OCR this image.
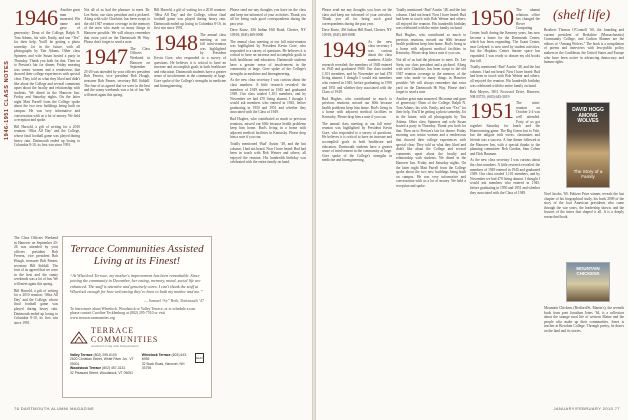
1946-1951 CLASS NOTES

1946 Another great man mourned. His name and gave of generosity: Dean of the College, Ralph N. Tom Adams, his wife, Emily, and son “Tex” for their help. You'll be getting a photo someday. Jot in the future, with all photographs by Tim Adams. Other class Spinners and wife Susan hosted a party in Thursday. Thank you both for that. Then on to Preston's lair for dinner. Friday morning was senior women and a rendezvous that showed their college experiences with special clear. They told us what they liked and didn't like about the College and several comments upset about the faculty and relationship with students. We dined in the Hanover Inn. Friday and Saturday nights. On the latter night Matt Parrell from the College spoke about the two new buildings being built on campus. He was very informative and conversation with us a lot of money. We held a reception and spoke.

Bill Harrold, a gift of writing for a 2010 reunion: ‘Miss All Day’ and the College, whose final football game was played during heavy rain. Dartmouth ended up losing to Columbia 8-10, its first win since 1991.

Not all of us had the pleasure to meet. Dr. Lee Stein, our class president and a pickerel. Along with wife Charlotte, has been swept to the old 1947 reunion coverage in the memory of the men who made so many things in Hanover possible. We will always remember that extra yard on the Dartmouth Hi Way. Please don't forget to send a note.

1947 The Class Officers Weekend in Hanover on September 25-26 was attended by your officers president Bob Ferrera, vice president Bob Hough, treasurer Bob Panzer, secretary Bill Siddall. The four of us agreed that we were in the best and the sunny weekends was a lot of fun. We will meet again this spring.

Bill Harrold, a gift of writing for a 2010 reunion: ‘Miss All Day’ and the College, whose final football game was played during heavy rain. Dartmouth ended up losing to Columbia 8-10, its first win since 1991.

1948 The annual class meeting at our fall mini-reunion was highlighted by President Kevin Gore, who responded to a survey of questions. He believes it is critical to have an increase and accomplish goals in both healthcare and education. Dartmouth students have a greater sense of involvement in the community at large. Gore spoke of the College's strengths in medicine and bioengineering.

Please send me any thoughts you have on the class and keep me informed of your activities. Thank you all for being such good correspondents during the past year.

Dave Kurtz, 456 Indian Hill Road, Chester, NY 10918; (845) 469-0000

The annual class meeting at our fall mini-reunion was highlighted by President Kevin Gore, who responded to a survey of questions. He believes it is critical to have an increase and accomplish goals in both healthcare and education. Dartmouth students have a greater sense of involvement in the community at large. Gore spoke of the College's strengths in medicine and bioengineering.

As the new class secretary I was curious about the class numbers. A little research revealed: the members of 1949 entered in 1945 and graduated 1949. Our class totaled 1,101 members, and by November we had 470 living alumni. I thought I would ask members who entered in 1945, before graduating in 1950 and 1951 and whether they associated with the Class of 1949.

Bud Hughes, who contributed so much to previous reunions, missed our 60th because health problems keep him home. Bud's living in a home with adjacent medical facilities in Kentucky. Please drop him a note if you can.

Totally mentioned ‘Bud’ Austin ’48, and the last column. I had not heard. Now I have heard: Bud had been in touch with Bob Weiner and others; all enjoyed the reunion. His hundredth birthday was celebrated with the entire family on hand.

The Class Officers Weekend in Hanover on September 25-26 was attended by your officers president Bob Ferrera, vice president Bob Hough, treasurer Bob Panzer, secretary Bill Siddall. The four of us agreed that we were in the best and the sunny weekends was a lot of fun. We will meet again this spring.

Bill Harrold, a gift of writing for a 2010 reunion: ‘Miss All Day’ and the College, whose final football game was played during heavy rain. Dartmouth ended up losing to Columbia 8-10, its first win since 1991.

Terrace Communities Assisted Living at its Finest!
“At Wheelock Terrace, my mother's improvement has been remarkable. Since joining the community in December, her eating, memory, mood, social life are enhanced. The staff is attentive and genuinely cares. I can't thank the staff at Wheelock enough for how welcoming they've been to both my mother and me.”
— Samuel “Sy” Berk, Dartmouth ’47
To learn more about Wheelock, Woodstock or Valley Terrace, or to schedule a tour please contact Caroline Tecklenburg at (802) 295-7510 or visit www.terracecommunities.org
TERRACE COMMUNITIES
Assisted Living with Independence
Valley Terrace (802) 295-6100
2620 Christian Street, White River Jct., VT 05001
Woodstock Terrace (802) 457-3131
32 Pleasant Street, Woodstock, VT 05091
Wheelock Terrace (603) 643-6955
32 Buck Road, Hanover, NH 03755
EHO
76 DARTMOUTH ALUMNI MAGAZINE

Please send me any thoughts you have on the class and keep me informed of your activities. Thank you all for being such good correspondents during the past year.

Dave Kurtz, 456 Indian Hill Road, Chester, NY 10918; (845) 469-0000

1949 As the new class secretary I was curious about the class numbers. A little research revealed: the members of 1949 entered in 1945 and graduated 1949. Our class totaled 1,101 members, and by November we had 470 living alumni. I thought I would ask members who entered in 1945, before graduating in 1950 and 1951 and whether they associated with the Class of 1949.

Bud Hughes, who contributed so much to previous reunions, missed our 60th because health problems keep him home. Bud's living in a home with adjacent medical facilities in Kentucky. Please drop him a note if you can.

The annual class meeting at our fall mini-reunion was highlighted by President Kevin Gore, who responded to a survey of questions. He believes it is critical to have an increase and accomplish goals in both healthcare and education. Dartmouth students have a greater sense of involvement in the community at large. Gore spoke of the College's strengths in medicine and bioengineering.

Totally mentioned ‘Bud’ Austin ’48, and the last column. I had not heard. Now I have heard: Bud had been in touch with Bob Weiner and others; all enjoyed the reunion. His hundredth birthday was celebrated with the entire family on hand.

Bud Hughes, who contributed so much to previous reunions, missed our 60th because health problems keep him home. Bud's living in a home with adjacent medical facilities in Kentucky. Please drop him a note if you can.

Not all of us had the pleasure to meet. Dr. Lee Stein, our class president and a pickerel. Along with wife Charlotte, has been swept to the old 1947 reunion coverage in the memory of the men who made so many things in Hanover possible. We will always remember that extra yard on the Dartmouth Hi Way. Please don't forget to send a note.

Another great man mourned. His name and gave of generosity: Dean of the College, Ralph N. Tom Adams, his wife, Emily, and son “Tex” for their help. You'll be getting a photo someday. Jot in the future, with all photographs by Tim Adams. Other class Spinners and wife Susan hosted a party in Thursday. Thank you both for that. Then on to Preston's lair for dinner. Friday morning was senior women and a rendezvous that showed their college experiences with special clear. They told us what they liked and didn't like about the College and several comments upset about the faculty and relationship with students. We dined in the Hanover Inn. Friday and Saturday nights. On the latter night Matt Parrell from the College spoke about the two new buildings being built on campus. He was very informative and conversation with us a lot of money. We held a reception and spoke.

1950 The alumni relations office has changed the Rover Computing Center, built during the Kemeny years, has now become a home for the Dartmouth Center, which has been expanding. The Grant Center, near Ledyard, is now used by student activities, but the Hopkins Center theater space has expanded. I was ready to donate my old books this fall.

Totally mentioned ‘Bud’ Austin ’48, and the last column. I had not heard. Now I have heard: Bud had been in touch with Bob Weiner and others; all enjoyed the reunion. His hundredth birthday was celebrated with the entire family on hand.

Bob Meyers, 5811 Foxwood Drive, Hanover, NH 03755; (603) 643-3019

1951 The mini-reunion on October 2-4 was well attended. Forty of us got together Saturday for lunch and the Homecoming game. The Big Green lost to Yale, but the tailgate with wives, classmates and friends was a success. A fine dinner followed at the Hanover Inn, with a special thanks to the planning committee: Bob Gordon, Sam Cohen and Dick Bauman.

As the new class secretary I was curious about the class numbers. A little research revealed: the members of 1949 entered in 1945 and graduated 1949. Our class totaled 1,101 members, and by November we had 470 living alumni. I thought I would ask members who entered in 1945, before graduating in 1950 and 1951 and whether they associated with the Class of 1949.

(shelf life)

Brothers Thomas O'Connell ’60, the founding and current president of Berkshire (Massachusetts) Community College, and Carlton Skinner are the editors of “Among Wolves.” The book is a compilation of poems and interviews with less-public policy makers in the Caribbean, the United States and Europe who have been active in advancing democracy and human rights.

DAVID HOGG AMONG WOLVES
The Story of a Family

Noel Jacobs ’69, Pulitzer Prize winner, reveals the last chapter of his biographical study, his book 2009 of the story of the four American presidents who came through the war years, the leadership shown, and the lessons of the times that shaped it all. It is a deeply researched book.

MOUNTAIN CHICKENS

Mountain Chickens (Bedford/St. Martin's), the seventh book from poet Jonathan Jones ’64, is a collection about the strange rural life of western Maine and the people who make up their communities. Jones is teacher at Bowdoin College. Through poetry, he draws on the land and its stories.

JANUARY/FEBRUARY 2010 77
